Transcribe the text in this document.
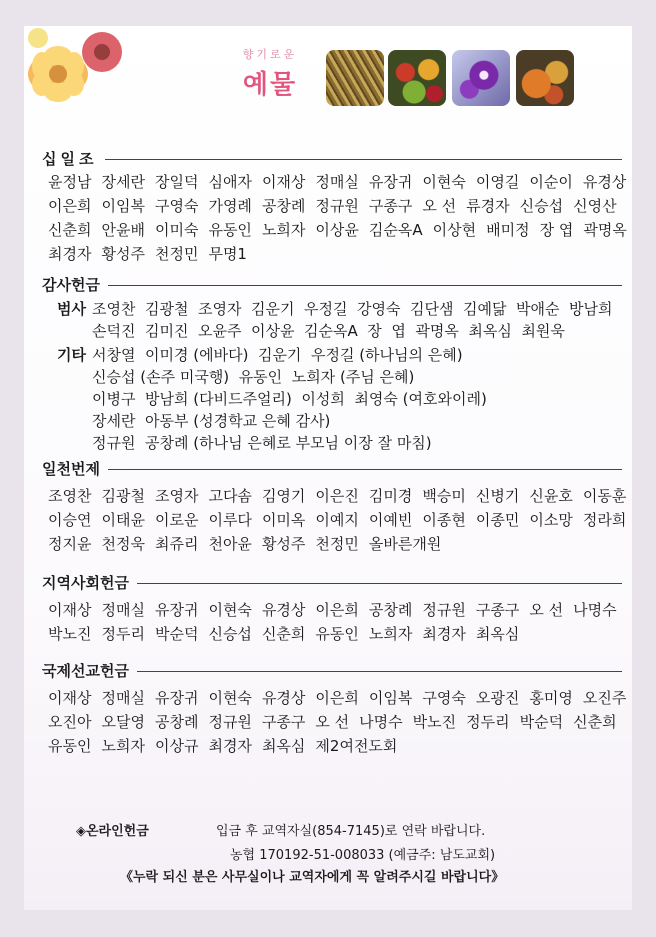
향기로운
예물
십일조
윤정남 장세란 장일덕 심애자 이재상 정매실 유장귀 이현숙 이영길 이순이 유경상
이은희 이임복 구영숙 가영례 공창례 정규원 구종구 오 선 류경자 신승섭 신영산
신춘희 안윤배 이미숙 유동인 노희자 이상윤 김순옥A 이상현 배미정 장 엽 곽명옥
최경자 황성주 천정민 무명1
감사헌금
범사 조영찬  김광철  조영자  김운기  우정길  강영숙  김단샘  김예닮  박애순  방남희
손덕진  김미진  오윤주  이상윤  김순옥A  장  엽  곽명옥  최옥심  최원욱
기타 서창열  이미경 (에바다)  김운기  우정길 (하나님의 은혜)
신승섭 (손주 미국행)  유동인  노희자 (주님 은혜)
이병구  방남희 (다비드주얼리)  이성희  최영숙 (여호와이레)
장세란  아동부 (성경학교 은혜 감사)
정규원  공창례 (하나님 은혜로 부모님 이장 잘 마침)
일천번제
조영찬 김광철 조영자 고다솜 김영기 이은진 김미경 백승미 신병기 신윤호 이동훈
이승연 이태윤 이로운 이루다 이미옥 이예지 이예빈 이종현 이종민 이소망 정라희
정지윤 천정욱 최쥬리 천아윤 황성주 천정민 올바른개원
지역사회헌금
이재상 정매실 유장귀 이현숙 유경상 이은희 공창례 정규원 구종구 오 선 나명수
박노진 정두리 박순덕 신승섭 신춘희 유동인 노희자 최경자 최옥심
국제선교헌금
이재상 정매실 유장귀 이현숙 유경상 이은희 이임복 구영숙 오광진 홍미영 오진주
오진아 오달영 공창례 정규원 구종구 오 선 나명수 박노진 정두리 박순덕 신춘희
유동인 노희자 이상규 최경자 최옥심 제2여전도회
◈온라인헌금	입금 후 교역자실(854-7145)로 연락 바랍니다.
농협 170192-51-008033 (예금주: 남도교회)
《누락 되신 분은 사무실이나 교역자에게 꼭 알려주시길 바랍니다》
